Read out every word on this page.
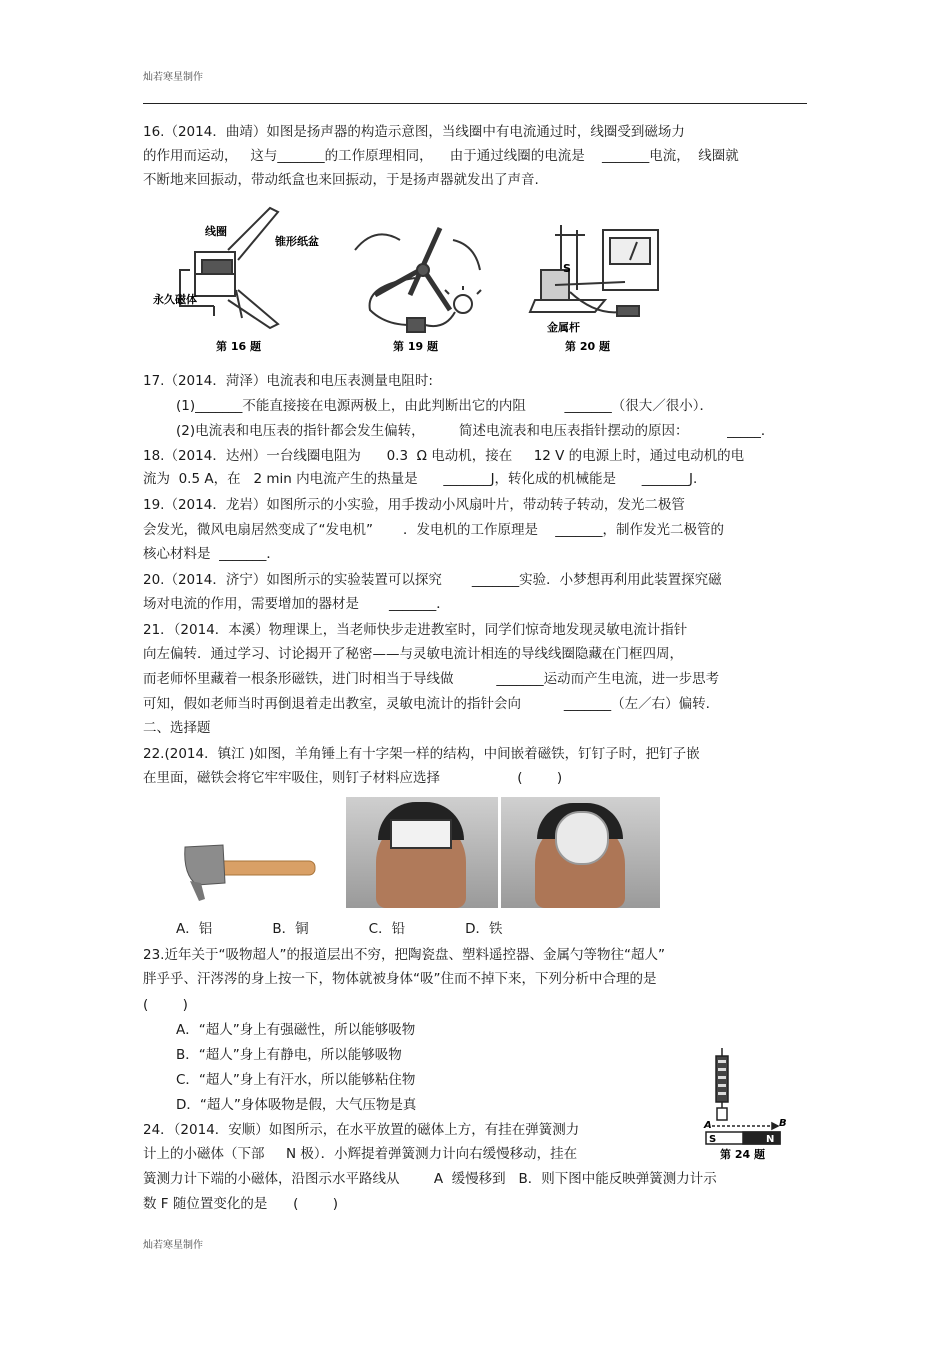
灿若寒星制作
16.（2014．曲靖）如图是扬声器的构造示意图，当线圈中有电流通过时，线圈受到磁场力
的作用而运动，   这与_______的工作原理相同，    由于通过线圈的电流是    _______电流，  线圈就
不断地来回振动，带动纸盒也来回振动，于是扬声器就发出了声音.
线圈
锥形纸盆
永久磁体
第 16 题	第 19 题
S
金属杆
第 20 题
17.（2014．菏泽）电流表和电压表测量电阻时:
(1)_______不能直接接在电源两极上，由此判断出它的内阻         _______（很大／很小）．
(2)电流表和电压表的指针都会发生偏转，        简述电流表和电压表指针摆动的原因：         _____．
18.（2014．达州）一台线圈电阻为      0.3  Ω 电动机，接在     12 V 的电源上时，通过电动机的电
流为  0.5 A，在   2 min 内电流产生的热量是      _______J，转化成的机械能是      _______J.
19.（2014．龙岩）如图所示的小实验，用手拨动小风扇叶片，带动转子转动，发光二极管
会发光，微风电扇居然变成了“发电机”       ．发电机的工作原理是    _______，制作发光二极管的
核心材料是  _______．
20.（2014．济宁）如图所示的实验装置可以探究       _______实验．小梦想再利用此装置探究磁
场对电流的作用，需要增加的器材是       _______．
21．（2014．本溪）物理课上，当老师快步走进教室时，同学们惊奇地发现灵敏电流计指针
向左偏转．通过学习、讨论揭开了秘密——与灵敏电流计相连的导线线圈隐藏在门框四周，
而老师怀里藏着一根条形磁铁，进门时相当于导线做          _______运动而产生电流，进一步思考
可知，假如老师当时再倒退着走出教室，灵敏电流计的指针会向          _______（左／右）偏转.
二、选择题
22.(2014．镇江 )如图，羊角锤上有十字架一样的结构，中间嵌着磁铁，钉钉子时，把钉子嵌
在里面，磁铁会将它牢牢吸住，则钉子材料应选择                  (        )
A．铝              B．铜              C．铅              D．铁
23.近年关于“吸物超人”的报道层出不穷，把陶瓷盘、塑料遥控器、金属勺等物往“超人”
胖乎乎、汗涔涔的身上按一下，物体就被身体“吸”住而不掉下来，下列分析中合理的是
(        )
A．“超人”身上有强磁性，所以能够吸物
B．“超人”身上有静电，所以能够吸物
C．“超人”身上有汗水，所以能够粘住物
D．“超人”身体吸物是假，大气压物是真
A	B
S	N
第 24 题
24．（2014．安顺）如图所示，在水平放置的磁体上方，有挂在弹簧测力
计上的小磁体（下部     N 极）．小辉提着弹簧测力计向右缓慢移动，挂在
簧测力计下端的小磁体，沿图示水平路线从        A  缓慢移到   B．则下图中能反映弹簧测力计示
数 F 随位置变化的是      (        )
灿若寒星制作
